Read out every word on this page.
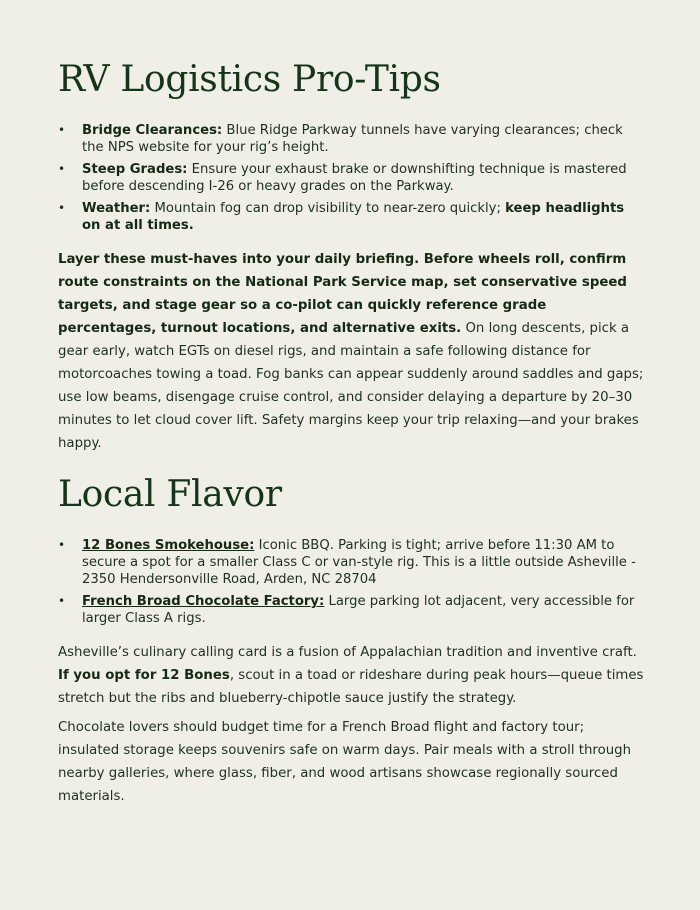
RV Logistics Pro-Tips
•	Bridge Clearances: Blue Ridge Parkway tunnels have varying clearances; check the NPS website for your rig’s height.
•	Steep Grades: Ensure your exhaust brake or downshifting technique is mastered before descending I-26 or heavy grades on the Parkway.
•	Weather: Mountain fog can drop visibility to near-zero quickly; keep headlights on at all times.

Layer these must-haves into your daily briefing. Before wheels roll, confirm route constraints on the National Park Service map, set conservative speed targets, and stage gear so a co-pilot can quickly reference grade percentages, turnout locations, and alternative exits. On long descents, pick a gear early, watch EGTs on diesel rigs, and maintain a safe following distance for motorcoaches towing a toad. Fog banks can appear suddenly around saddles and gaps; use low beams, disengage cruise control, and consider delaying a departure by 20–30 minutes to let cloud cover lift. Safety margins keep your trip relaxing—and your brakes happy.

Local Flavor
•	12 Bones Smokehouse: Iconic BBQ. Parking is tight; arrive before 11:30 AM to secure a spot for a smaller Class C or van-style rig. This is a little outside Asheville - 2350 Hendersonville Road, Arden, NC 28704
•	French Broad Chocolate Factory: Large parking lot adjacent, very accessible for larger Class A rigs.

Asheville’s culinary calling card is a fusion of Appalachian tradition and inventive craft. If you opt for 12 Bones, scout in a toad or rideshare during peak hours—queue times stretch but the ribs and blueberry-chipotle sauce justify the strategy.

Chocolate lovers should budget time for a French Broad flight and factory tour; insulated storage keeps souvenirs safe on warm days. Pair meals with a stroll through nearby galleries, where glass, fiber, and wood artisans showcase regionally sourced materials.
